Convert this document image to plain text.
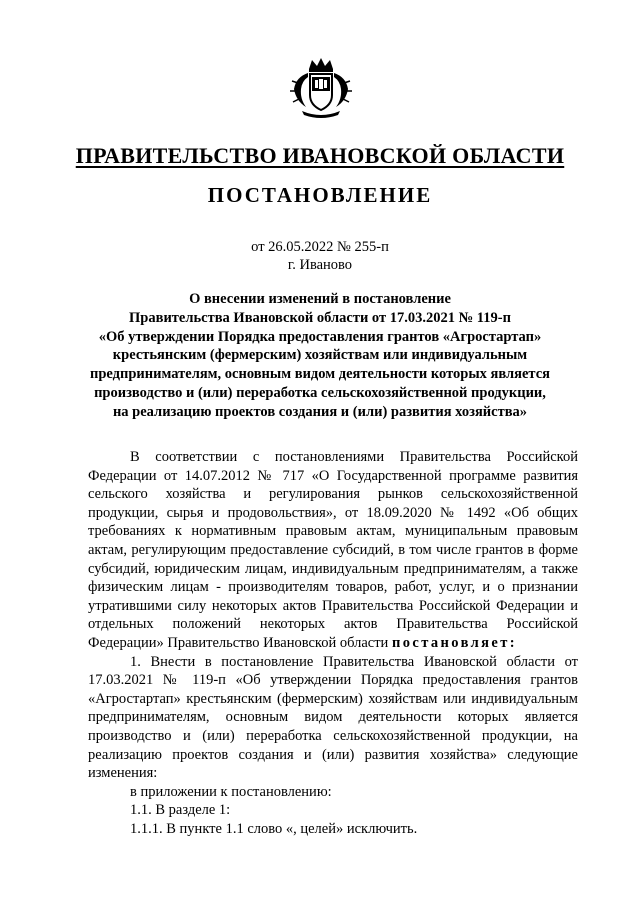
ПРАВИТЕЛЬСТВО ИВАНОВСКОЙ ОБЛАСТИ
ПОСТАНОВЛЕНИЕ
от 26.05.2022 № 255-п
г. Иваново
О внесении изменений в постановление
Правительства Ивановской области от 17.03.2021 № 119-п
«Об утверждении Порядка предоставления грантов «Агростартап»
крестьянским (фермерским) хозяйствам или индивидуальным
предпринимателям, основным видом деятельности которых является
производство и (или) переработка сельскохозяйственной продукции,
на реализацию проектов создания и (или) развития хозяйства»

В соответствии с постановлениями Правительства Российской Федерации от 14.07.2012 № 717 «О Государственной программе развития сельского хозяйства и регулирования рынков сельскохозяйственной продукции, сырья и продовольствия», от 18.09.2020 № 1492 «Об общих требованиях к нормативным правовым актам, муниципальным правовым актам, регулирующим предоставление субсидий, в том числе грантов в форме субсидий, юридическим лицам, индивидуальным предпринимателям, а также физическим лицам - производителям товаров, работ, услуг, и о признании утратившими силу некоторых актов Правительства Российской Федерации и отдельных положений некоторых актов Правительства Российской Федерации» Правительство Ивановской области постановляет:

1. Внести в постановление Правительства Ивановской области от 17.03.2021 № 119-п «Об утверждении Порядка предоставления грантов «Агростартап» крестьянским (фермерским) хозяйствам или индивидуальным предпринимателям, основным видом деятельности которых является производство и (или) переработка сельскохозяйственной продукции, на реализацию проектов создания и (или) развития хозяйства» следующие изменения:

в приложении к постановлению:

1.1. В разделе 1:

1.1.1. В пункте 1.1 слово «, целей» исключить.
